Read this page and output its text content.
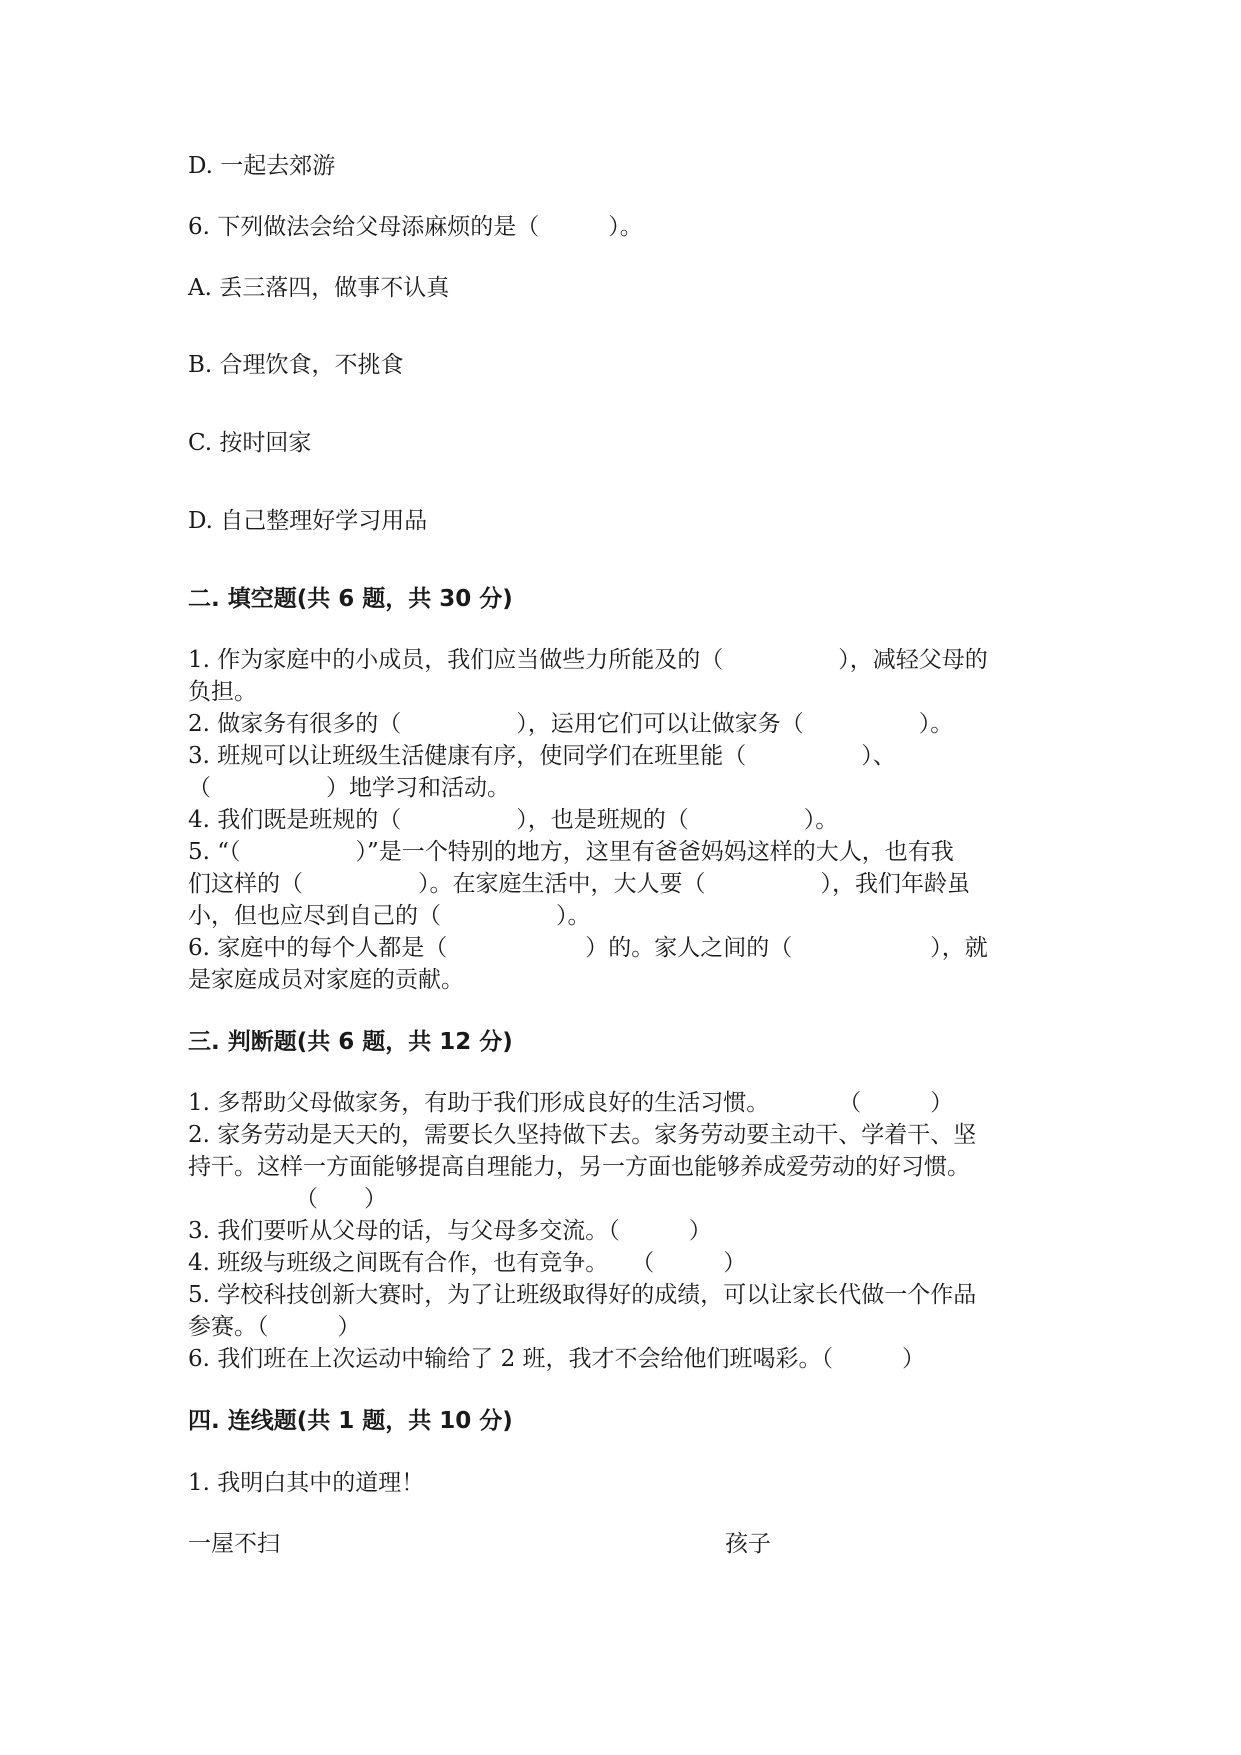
D. 一起去郊游
6. 下列做法会给父母添麻烦的是（　　　）。
A. 丢三落四，做事不认真
B. 合理饮食，不挑食
C. 按时回家
D. 自己整理好学习用品
二. 填空题(共 6 题，共 30 分)
1. 作为家庭中的小成员，我们应当做些力所能及的（　　　　　），减轻父母的
负担。
2. 做家务有很多的（　　　　　），运用它们可以让做家务（　　　　　）。
3. 班规可以让班级生活健康有序，使同学们在班里能（　　　　　）、
（　　　　　）地学习和活动。
4. 我们既是班规的（　　　　　），也是班规的（　　　　　）。
5. “（　　　　　）”是一个特别的地方，这里有爸爸妈妈这样的大人，也有我
们这样的（　　　　　）。在家庭生活中，大人要（　　　　　），我们年龄虽
小，但也应尽到自己的（　　　　　）。
6. 家庭中的每个人都是（　　　　　　）的。家人之间的（　　　　　　），就
是家庭成员对家庭的贡献。
三. 判断题(共 6 题，共 12 分)
1. 多帮助父母做家务，有助于我们形成良好的生活习惯。　　　　（　　　）
2. 家务劳动是天天的，需要长久坚持做下去。家务劳动要主动干、学着干、坚
持干。这样一方面能够提高自理能力，另一方面也能够养成爱劳动的好习惯。
（　　）
3. 我们要听从父母的话，与父母多交流。（　　　）
4. 班级与班级之间既有合作，也有竞争。　　（　　　）
5. 学校科技创新大赛时，为了让班级取得好的成绩，可以让家长代做一个作品
参赛。（　　　）
6. 我们班在上次运动中输给了 2 班，我才不会给他们班喝彩。（　　　）
四. 连线题(共 1 题，共 10 分)
1. 我明白其中的道理！
一屋不扫	孩子
